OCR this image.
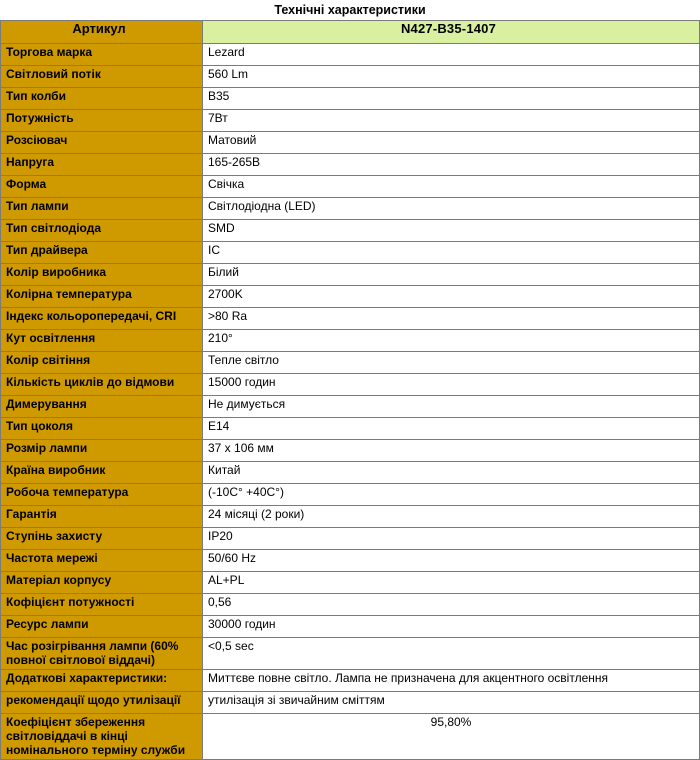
Технічні характеристики
Артикул	N427-B35-1407
Торгова марка	Lezard
Світловий потік	560 Lm
Тип колби	B35
Потужність	7Вт
Розсіювач	Матовий
Напруга	165-265В
Форма	Свічка
Тип лампи	Світлодіодна (LED)
Тип світлодіода	SMD
Тип драйвера	IC
Колір виробника	Білий
Колірна температура	2700K
Індекс кольоропередачі, CRI	>80 Ra
Кут освітлення	210°
Колір світіння	Тепле світло
Кількість циклів до відмови	15000 годин
Димерування	Не димується
Тип цоколя	E14
Розмір лампи	37 x 106 мм
Країна виробник	Китай
Робоча температура	(-10C° +40C°)
Гарантія	24 місяці (2 роки)
Ступінь захисту	IP20
Частота мережі	50/60 Hz
Матеріал корпусу	AL+PL
Кофіцієнт потужності	0,56
Ресурс лампи	30000 годин
Час розігрівання лампи (60% повної світлової віддачі)	<0,5 sec
Додаткові характеристики:	Миттєве повне світло. Лампа не призначена для акцентного освітлення
рекомендації щодо утилізації	утилізація зі звичайним сміттям
Коефіцієнт збереження світловіддачі в кінці номінального терміну служби	95,80%
